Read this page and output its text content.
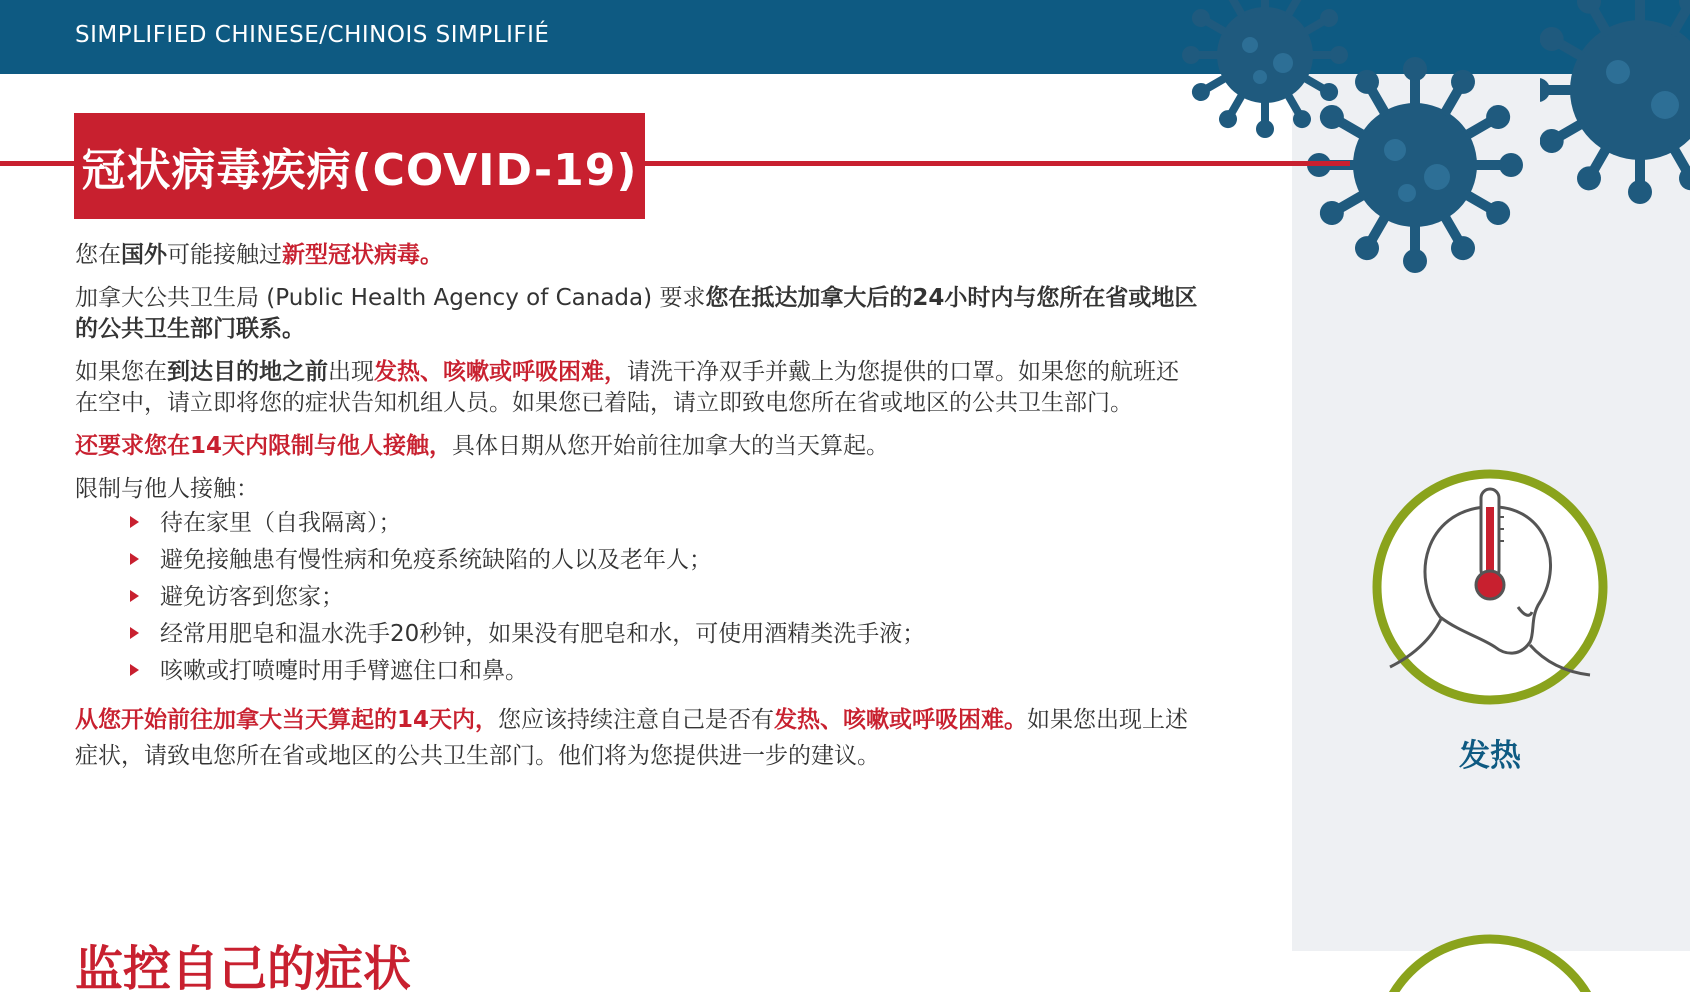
SIMPLIFIED CHINESE/CHINOIS SIMPLIFIÉ
冠状病毒疾病(COVID-19)

您在国外可能接触过新型冠状病毒。

加拿大公共卫生局 (Public Health Agency of Canada) 要求您在抵达加拿大后的24小时内与您所在省或地区的公共卫生部门联系。

如果您在到达目的地之前出现发热、咳嗽或呼吸困难，请洗干净双手并戴上为您提供的口罩。如果您的航班还在空中，请立即将您的症状告知机组人员。如果您已着陆，请立即致电您所在省或地区的公共卫生部门。

还要求您在14天内限制与他人接触，具体日期从您开始前往加拿大的当天算起。

限制与他人接触：

待在家里（自我隔离）；
避免接触患有慢性病和免疫系统缺陷的人以及老年人；
避免访客到您家；
经常用肥皂和温水洗手20秒钟，如果没有肥皂和水，可使用酒精类洗手液；
咳嗽或打喷嚏时用手臂遮住口和鼻。

从您开始前往加拿大当天算起的14天内，您应该持续注意自己是否有发热、咳嗽或呼吸困难。如果您出现上述症状，请致电您所在省或地区的公共卫生部门。他们将为您提供进一步的建议。

监控自己的症状
发热
